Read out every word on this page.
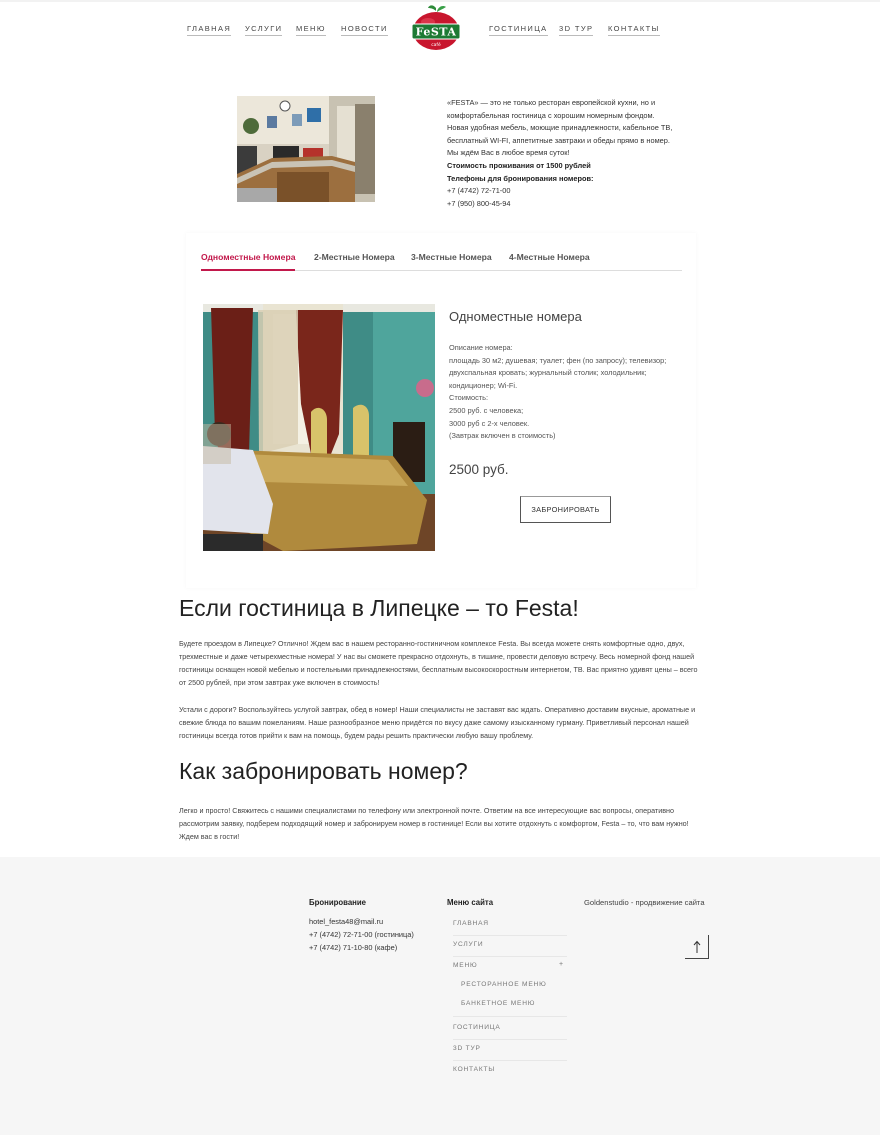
ГЛАВНАЯ УСЛУГИ МЕНЮ НОВОСТИ	FeSTA
café
ГОСТИНИЦА 3D ТУР КОНТАКТЫ
«FESTA» — это не только ресторан европейской кухни, но и комфортабельная гостиница с хорошим номерным фондом. Новая удобная мебель, моющие принадлежности, кабельное ТВ, бесплатный WI-FI, аппетитные завтраки и обеды прямо в номер. Мы ждём Вас в любое время суток!
Стоимость проживания от 1500 рублей
Телефоны для бронирования номеров:
+7 (4742) 72-71-00
+7 (950) 800-45-94
Одноместные Номера 2-Местные Номера 3-Местные Номера 4-Местные Номера
Одноместные номера
Описание номера:
площадь 30 м2; душевая; туалет; фен (по запросу); телевизор;
двухспальная кровать; журнальный столик; холодильник;
кондиционер; Wi-Fi.
Стоимость:
2500 руб. с человека;
3000 руб с 2-х человек.
(Завтрак включен в стоимость)
2500 руб.
ЗАБРОНИРОВАТЬ
Если гостиница в Липецке – то Festa!

Будете проездом в Липецке? Отлично! Ждем вас в нашем ресторанно-гостиничном комплексе Festa. Вы всегда можете снять комфортные одно, двух, трехместные и даже четырехместные номера! У нас вы сможете прекрасно отдохнуть, в тишине, провести деловую встречу. Весь номерной фонд нашей гостиницы оснащен новой мебелью и постельными принадлежностями, бесплатным высокоскоростным интернетом, ТВ. Вас приятно удивят цены – всего от 2500 рублей, при этом завтрак уже включен в стоимость!

Устали с дороги? Воспользуйтесь услугой завтрак, обед в номер! Наши специалисты не заставят вас ждать. Оперативно доставим вкусные, ароматные и свежие блюда по вашим пожеланиям. Наше разнообразное меню придётся по вкусу даже самому изысканному гурману. Приветливый персонал нашей гостиницы всегда готов прийти к вам на помощь, будем рады решить практически любую вашу проблему.

Как забронировать номер?

Легко и просто! Свяжитесь с нашими специалистами по телефону или электронной почте. Ответим на все интересующие вас вопросы, оперативно рассмотрим заявку, подберем подходящий номер и забронируем номер в гостинице! Если вы хотите отдохнуть с комфортом, Festa – то, что вам нужно! Ждем вас в гости!

Бронирование
hotel_festa48@mail.ru
+7 (4742) 72-71-00 (гостиница)
+7 (4742) 71-10-80 (кафе)
Меню сайта
ГЛАВНАЯ
УСЛУГИ
МЕНЮ	+
РЕСТОРАННОЕ МЕНЮ
БАНКЕТНОЕ МЕНЮ
ГОСТИНИЦА
3D ТУР
КОНТАКТЫ
Goldenstudio - продвижение сайта
